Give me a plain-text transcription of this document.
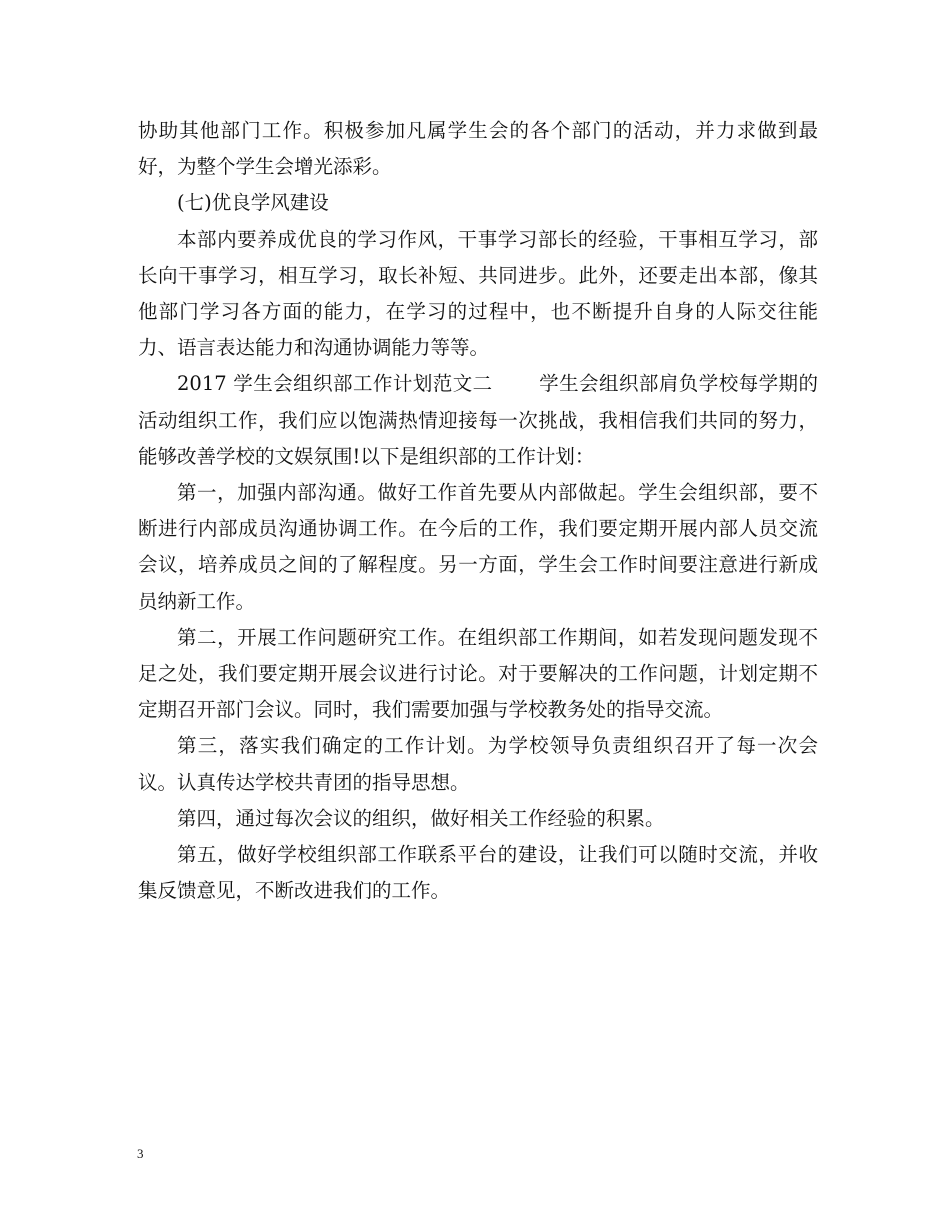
协助其他部门工作。积极参加凡属学生会的各个部门的活动，并力求做到最好，为整个学生会增光添彩。

(七)优良学风建设

本部内要养成优良的学习作风，干事学习部长的经验，干事相互学习，部长向干事学习，相互学习，取长补短、共同进步。此外，还要走出本部，像其他部门学习各方面的能力，在学习的过程中，也不断提升自身的人际交往能力、语言表达能力和沟通协调能力等等。

2017 学生会组织部工作计划范文二　　 学生会组织部肩负学校每学期的活动组织工作，我们应以饱满热情迎接每一次挑战，我相信我们共同的努力，能够改善学校的文娱氛围!以下是组织部的工作计划：

第一，加强内部沟通。做好工作首先要从内部做起。学生会组织部，要不断进行内部成员沟通协调工作。在今后的工作，我们要定期开展内部人员交流会议，培养成员之间的了解程度。另一方面，学生会工作时间要注意进行新成员纳新工作。

第二，开展工作问题研究工作。在组织部工作期间，如若发现问题发现不足之处，我们要定期开展会议进行讨论。对于要解决的工作问题，计划定期不定期召开部门会议。同时，我们需要加强与学校教务处的指导交流。

第三，落实我们确定的工作计划。为学校领导负责组织召开了每一次会议。认真传达学校共青团的指导思想。

第四，通过每次会议的组织，做好相关工作经验的积累。

第五，做好学校组织部工作联系平台的建设，让我们可以随时交流，并收集反馈意见，不断改进我们的工作。

3
